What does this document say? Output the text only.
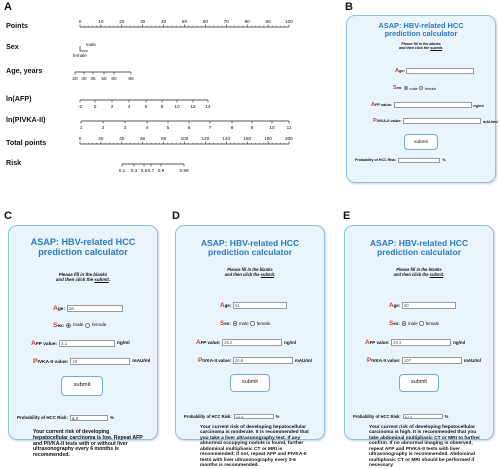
A	B
C	D	E
Points	0	10	20	30	40	50	60	70	80	90	100
Sex	male
female
Age, years
20 30 35 50 60	80
ln(AFP)
-2 0	2	4	6	8 10 12 14
ln(PIVKA-II)
1	2	3	4	5	6	7	8	9	10	11
Total points	0	20	40	60	80	100	120	140	160	180	200
Risk
0.1 0.3 0.5 0.7 0.9	0.99
ASAP: HBV-related HCC
prediction calculator
Please fill in the blanks
and then click the submit.
Age:
Sex: male female
AFP value:	ng/ml
PIVKA-II value:	mAU/ml
submit
Probability of HCC Risk:	%
ASAP: HBV-related HCC
prediction calculator
Please fill in the blanks
and then click the submit.
Age: 28
Sex: male female
AFP value: 3.1	ng/ml
PIVKA-II value: 19	mAU/ml
submit
Probability of HCC Risk: 4.3	%
Your current risk of developing hepatocellular carcinoma is low. Repeat AFP and PIVKA-II tests with or without liver ultrasonography every 6 months is recommended.
ASAP: HBV-related HCC
prediction calculator
Please fill in the blanks
and then click the submit.
Age: 51
Sex: male female
AFP value: 28.2	ng/ml
PIVKA-II value: 26.5	mAU/ml
submit
Probability of HCC Risk:	44.9	%
Your current risk of developing hepatocellular carcinoma is moderate. It is recommended that you take a liver ultrasonography test. If any abnormal occupying nodule is found, further abdominal multiphasic CT or MRI is recommended; if not, repeat AFP and PIVKA-II tests with liver ultrasonography every 3-6 months is recommended.
ASAP: HBV-related HCC
prediction calculator
Please fill in the blanks
and then click the submit.
Age: 60
Sex: male female
AFP value: 20.3	ng/ml
PIVKA-II value: 107	mAU/ml
submit
Probability of HCC Risk:	84.0	%
Your current risk of developing hepatocellular carcinoma is high. It is recommended that you take abdominal multiphasic CT or MRI to further confirm. If no abnormal imaging is observed, repeat AFP and PIVKA-II tests with liver ultrasonography is recommended. Abdominal multiphasic CT or MRI should be performed if necessary.
